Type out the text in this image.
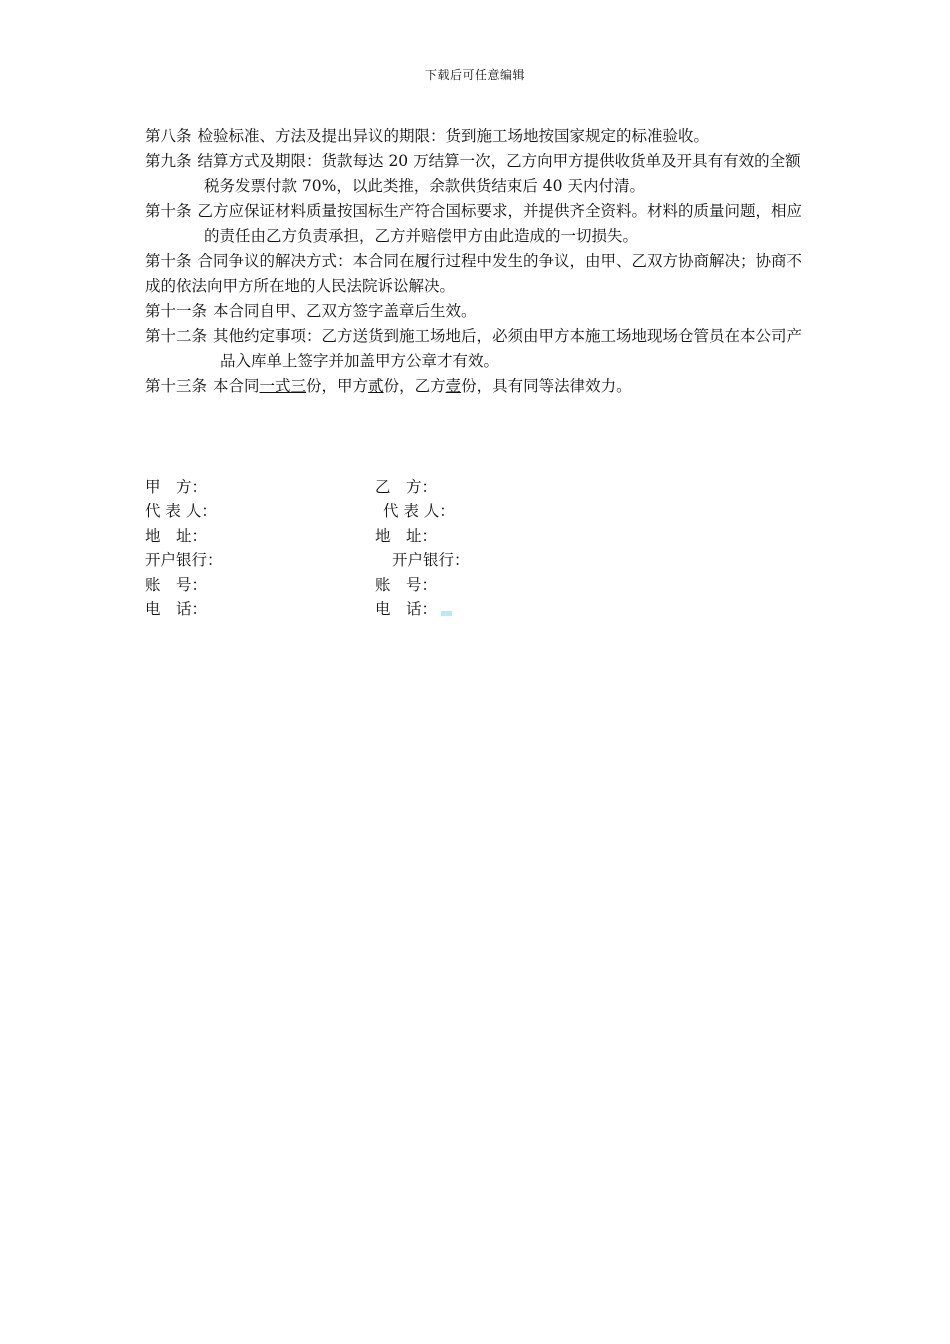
下载后可任意编辑

第八条 检验标准、方法及提出异议的期限：货到施工场地按国家规定的标准验收。

第九条 结算方式及期限：货款每达 20 万结算一次，乙方向甲方提供收货单及开具有有效的全额税务发票付款 70%，以此类推，余款供货结束后 40 天内付清。

第十条 乙方应保证材料质量按国标生产符合国标要求，并提供齐全资料。材料的质量问题，相应的责任由乙方负责承担，乙方并赔偿甲方由此造成的一切损失。

第十条 合同争议的解决方式：本合同在履行过程中发生的争议，由甲、乙双方协商解决；协商不成的依法向甲方所在地的人民法院诉讼解决。

第十一条 本合同自甲、乙双方签字盖章后生效。

第十二条 其他约定事项：乙方送货到施工场地后，必须由甲方本施工场地现场仓管员在本公司产品入库单上签字并加盖甲方公章才有效。

第十三条 本合同一式三份，甲方贰份，乙方壹份，具有同等法律效力。

甲　方：	乙　方：
代 表 人：	代 表 人：
地　址：	地　址：
开户银行：	开户银行：
账　号：	账　号：
电　话：	电　话：
